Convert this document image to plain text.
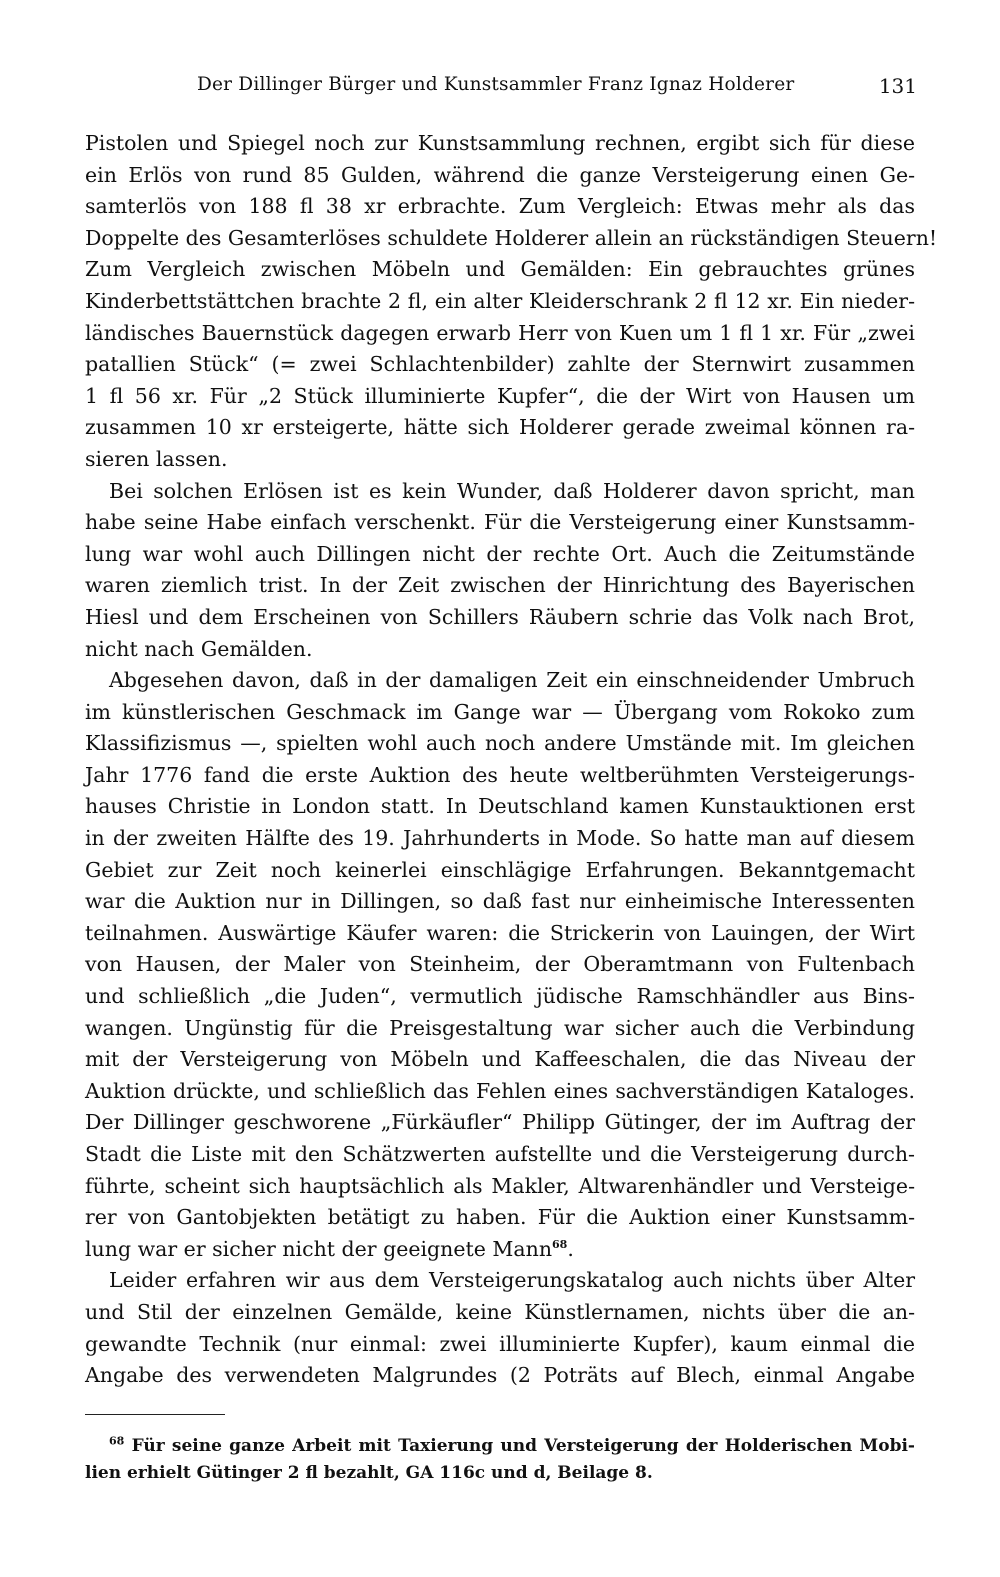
Der Dillinger Bürger und Kunstsammler Franz Ignaz Holderer	131
Pistolen und Spiegel noch zur Kunstsammlung rechnen, ergibt sich für diese
ein Erlös von rund 85 Gulden, während die ganze Versteigerung einen Ge-
samterlös von 188 fl 38 xr erbrachte. Zum Vergleich: Etwas mehr als das
Doppelte des Gesamterlöses schuldete Holderer allein an rückständigen Steuern!
Zum Vergleich zwischen Möbeln und Gemälden: Ein gebrauchtes grünes
Kinderbettstättchen brachte 2 fl, ein alter Kleiderschrank 2 fl 12 xr. Ein nieder-
ländisches Bauernstück dagegen erwarb Herr von Kuen um 1 fl 1 xr. Für „zwei
patallien Stück“ (= zwei Schlachtenbilder) zahlte der Sternwirt zusammen
1 fl 56 xr. Für „2 Stück illuminierte Kupfer“, die der Wirt von Hausen um
zusammen 10 xr ersteigerte, hätte sich Holderer gerade zweimal können ra-
sieren lassen.
Bei solchen Erlösen ist es kein Wunder, daß Holderer davon spricht, man
habe seine Habe einfach verschenkt. Für die Versteigerung einer Kunstsamm-
lung war wohl auch Dillingen nicht der rechte Ort. Auch die Zeitumstände
waren ziemlich trist. In der Zeit zwischen der Hinrichtung des Bayerischen
Hiesl und dem Erscheinen von Schillers Räubern schrie das Volk nach Brot,
nicht nach Gemälden.
Abgesehen davon, daß in der damaligen Zeit ein einschneidender Umbruch
im künstlerischen Geschmack im Gange war — Übergang vom Rokoko zum
Klassifizismus —, spielten wohl auch noch andere Umstände mit. Im gleichen
Jahr 1776 fand die erste Auktion des heute weltberühmten Versteigerungs-
hauses Christie in London statt. In Deutschland kamen Kunstauktionen erst
in der zweiten Hälfte des 19. Jahrhunderts in Mode. So hatte man auf diesem
Gebiet zur Zeit noch keinerlei einschlägige Erfahrungen. Bekanntgemacht
war die Auktion nur in Dillingen, so daß fast nur einheimische Interessenten
teilnahmen. Auswärtige Käufer waren: die Strickerin von Lauingen, der Wirt
von Hausen, der Maler von Steinheim, der Oberamtmann von Fultenbach
und schließlich „die Juden“, vermutlich jüdische Ramschhändler aus Bins-
wangen. Ungünstig für die Preisgestaltung war sicher auch die Verbindung
mit der Versteigerung von Möbeln und Kaffeeschalen, die das Niveau der
Auktion drückte, und schließlich das Fehlen eines sachverständigen Kataloges.
Der Dillinger geschworene „Fürkäufler“ Philipp Gütinger, der im Auftrag der
Stadt die Liste mit den Schätzwerten aufstellte und die Versteigerung durch-
führte, scheint sich hauptsächlich als Makler, Altwarenhändler und Versteige-
rer von Gantobjekten betätigt zu haben. Für die Auktion einer Kunstsamm-
lung war er sicher nicht der geeignete Mann$^{68}$.
Leider erfahren wir aus dem Versteigerungskatalog auch nichts über Alter
und Stil der einzelnen Gemälde, keine Künstlernamen, nichts über die an-
gewandte Technik (nur einmal: zwei illuminierte Kupfer), kaum einmal die
Angabe des verwendeten Malgrundes (2 Poträts auf Blech, einmal Angabe
$^{68}$ Für seine ganze Arbeit mit Taxierung und Versteigerung der Holderischen Mobi-
lien erhielt Gütinger 2 fl bezahlt, GA 116c und d, Beilage 8.
